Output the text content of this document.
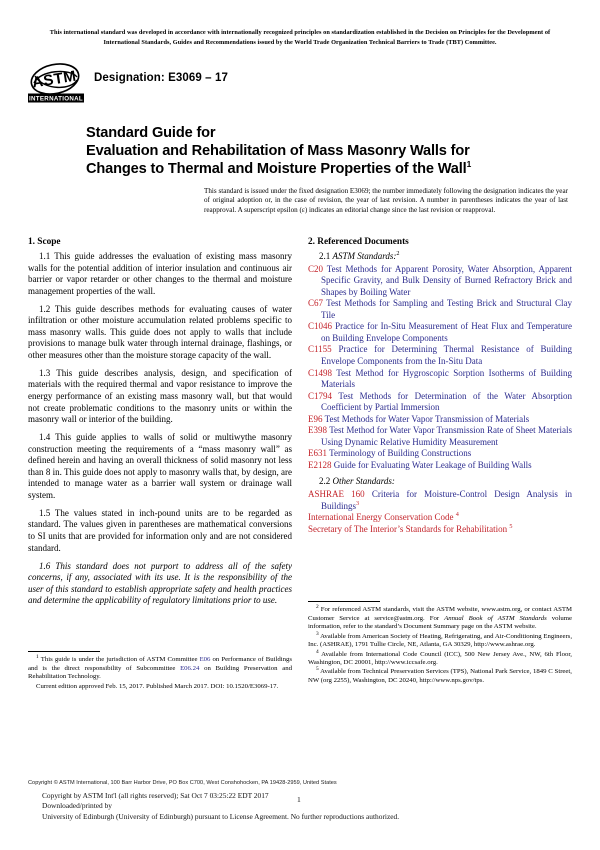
This international standard was developed in accordance with internationally recognized principles on standardization established in the Decision on Principles for the Development of International Standards, Guides and Recommendations issued by the World Trade Organization Technical Barriers to Trade (TBT) Committee.
ASTM
INTERNATIONAL
Designation: E3069 – 17
Standard Guide for
Evaluation and Rehabilitation of Mass Masonry Walls for
Changes to Thermal and Moisture Properties of the Wall$^1$
This standard is issued under the fixed designation E3069; the number immediately following the designation indicates the year of original adoption or, in the case of revision, the year of last revision. A number in parentheses indicates the year of last reapproval. A superscript epsilon (ε) indicates an editorial change since the last revision or reapproval.
1. Scope

1.1 This guide addresses the evaluation of existing mass masonry walls for the potential addition of interior insulation and continuous air barrier or vapor retarder or other changes to the thermal and moisture management properties of the wall.

1.2 This guide describes methods for evaluating causes of water infiltration or other moisture accumulation related problems specific to mass masonry walls. This guide does not apply to walls that include provisions to manage bulk water through internal drainage, flashings, or other measures other than the moisture storage capacity of the wall.

1.3 This guide describes analysis, design, and specification of materials with the required thermal and vapor resistance to improve the energy performance of an existing mass masonry wall, but that would not create problematic conditions to the masonry units or within the masonry wall or interior of the building.

1.4 This guide applies to walls of solid or multiwythe masonry construction meeting the requirements of a “mass masonry wall” as defined herein and having an overall thickness of solid masonry not less than 8 in. This guide does not apply to masonry walls that, by design, are intended to manage water as a barrier wall system or drainage wall system.

1.5 The values stated in inch-pound units are to be regarded as standard. The values given in parentheses are mathematical conversions to SI units that are provided for information only and are not considered standard.

1.6 This standard does not purport to address all of the safety concerns, if any, associated with its use. It is the responsibility of the user of this standard to establish appropriate safety and health practices and determine the applicability of regulatory limitations prior to use.

2. Referenced Documents
2.1 ASTM Standards:$^2$

C20 Test Methods for Apparent Porosity, Water Absorption, Apparent Specific Gravity, and Bulk Density of Burned Refractory Brick and Shapes by Boiling Water

C67 Test Methods for Sampling and Testing Brick and Structural Clay Tile

C1046 Practice for In-Situ Measurement of Heat Flux and Temperature on Building Envelope Components

C1155 Practice for Determining Thermal Resistance of Building Envelope Components from the In-Situ Data

C1498 Test Method for Hygroscopic Sorption Isotherms of Building Materials

C1794 Test Methods for Determination of the Water Absorption Coefficient by Partial Immersion

E96 Test Methods for Water Vapor Transmission of Materials

E398 Test Method for Water Vapor Transmission Rate of Sheet Materials Using Dynamic Relative Humidity Measurement

E631 Terminology of Building Constructions

E2128 Guide for Evaluating Water Leakage of Building Walls

2.2 Other Standards:

ASHRAE 160 Criteria for Moisture-Control Design Analysis in Buildings$^3$

International Energy Conservation Code $^4$

Secretary of The Interior’s Standards for Rehabilitation $^5$

$^1$ This guide is under the jurisdiction of ASTM Committee E06 on Performance of Buildings and is the direct responsibility of Subcommittee E06.24 on Building Preservation and Rehabilitation Technology.

Current edition approved Feb. 15, 2017. Published March 2017. DOI: 10.1520/E3069-17.

$^2$ For referenced ASTM standards, visit the ASTM website, www.astm.org, or contact ASTM Customer Service at service@astm.org. For Annual Book of ASTM Standards volume information, refer to the standard’s Document Summary page on the ASTM website.

$^3$ Available from American Society of Heating, Refrigerating, and Air-Conditioning Engineers, Inc. (ASHRAE), 1791 Tullie Circle, NE, Atlanta, GA 30329, http://www.ashrae.org.

$^4$ Available from International Code Council (ICC), 500 New Jersey Ave., NW, 6th Floor, Washington, DC 20001, http://www.iccsafe.org.

$^5$ Available from Technical Preservation Services (TPS), National Park Service, 1849 C Street, NW (org 2255), Washington, DC 20240, http://www.nps.gov/tps.

Copyright © ASTM International, 100 Barr Harbor Drive, PO Box C700, West Conshohocken, PA 19428-2959, United States
Copyright by ASTM Int'l (all rights reserved); Sat Oct 7 03:25:22 EDT 2017
Downloaded/printed by
University of Edinburgh (University of Edinburgh) pursuant to License Agreement. No further reproductions authorized.
1
